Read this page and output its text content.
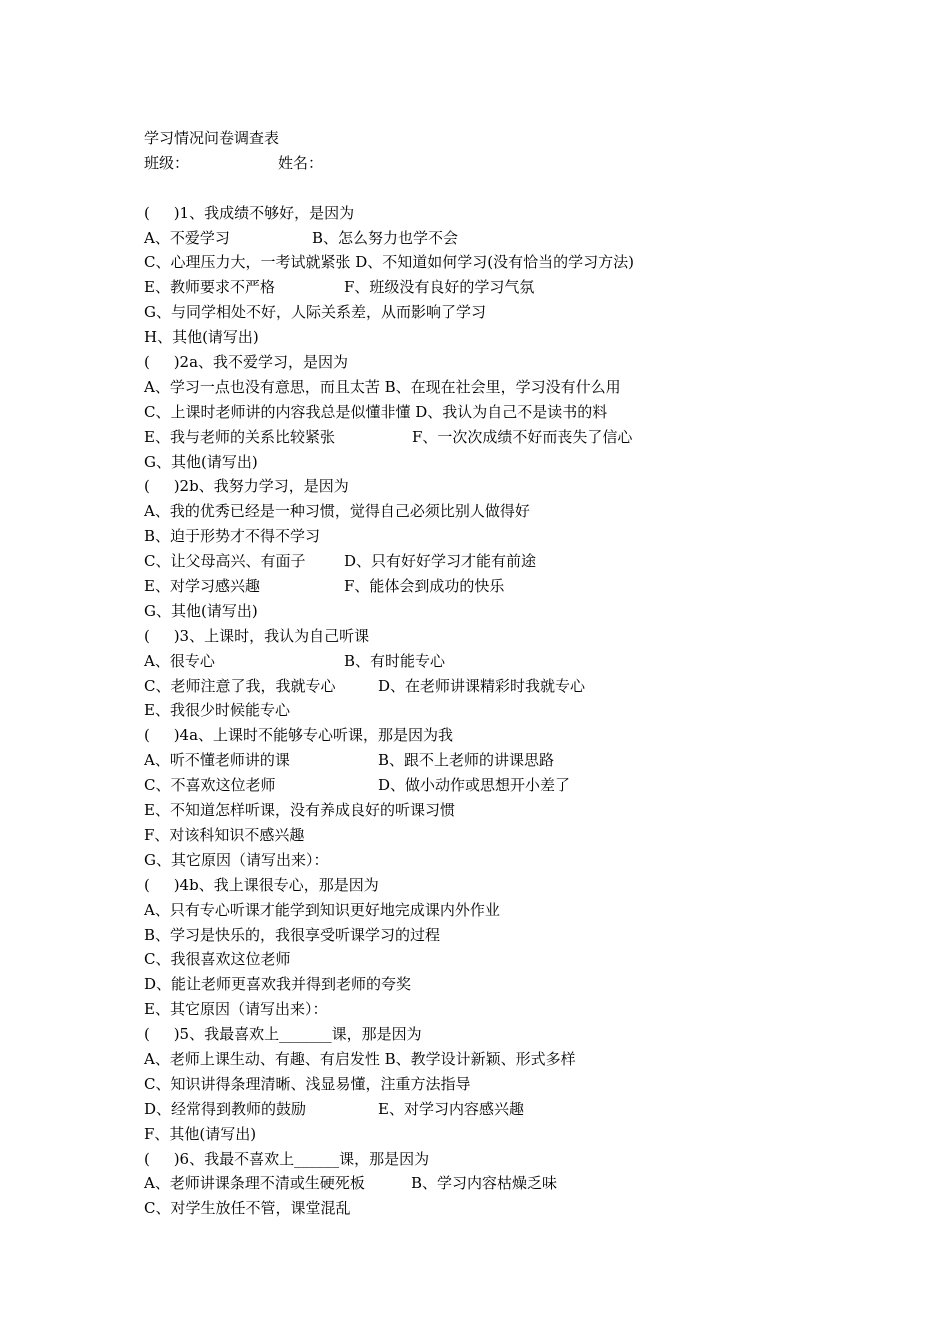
学习情况问卷调查表
班级：	姓名：
(     )1、我成绩不够好，是因为
A、不爱学习	B、怎么努力也学不会
C、心理压力大，一考试就紧张 D、不知道如何学习(没有恰当的学习方法)
E、教师要求不严格	F、班级没有良好的学习气氛
G、与同学相处不好，人际关系差，从而影响了学习
H、其他(请写出)
(     )2a、我不爱学习，是因为
A、学习一点也没有意思，而且太苦 B、在现在社会里，学习没有什么用
C、上课时老师讲的内容我总是似懂非懂 D、我认为自己不是读书的料
E、我与老师的关系比较紧张	F、一次次成绩不好而丧失了信心
G、其他(请写出)
(     )2b、我努力学习，是因为
A、我的优秀已经是一种习惯，觉得自己必须比别人做得好
B、迫于形势才不得不学习
C、让父母高兴、有面子	D、只有好好学习才能有前途
E、对学习感兴趣	F、能体会到成功的快乐
G、其他(请写出)
(     )3、上课时，我认为自己听课
A、很专心	B、有时能专心
C、老师注意了我，我就专心	D、在老师讲课精彩时我就专心
E、我很少时候能专心
(     )4a、上课时不能够专心听课，那是因为我
A、听不懂老师讲的课	B、跟不上老师的讲课思路
C、不喜欢这位老师	D、做小动作或思想开小差了
E、不知道怎样听课，没有养成良好的听课习惯
F、对该科知识不感兴趣
G、其它原因（请写出来）：
(     )4b、我上课很专心，那是因为
A、只有专心听课才能学到知识更好地完成课内外作业
B、学习是快乐的，我很享受听课学习的过程
C、我很喜欢这位老师
D、能让老师更喜欢我并得到老师的夸奖
E、其它原因（请写出来）：
(     )5、我最喜欢上_______课，那是因为
A、老师上课生动、有趣、有启发性 B、教学设计新颖、形式多样
C、知识讲得条理清晰、浅显易懂，注重方法指导
D、经常得到教师的鼓励	E、对学习内容感兴趣
F、其他(请写出)
(     )6、我最不喜欢上______课，那是因为
A、老师讲课条理不清或生硬死板	B、学习内容枯燥乏味
C、对学生放任不管，课堂混乱
